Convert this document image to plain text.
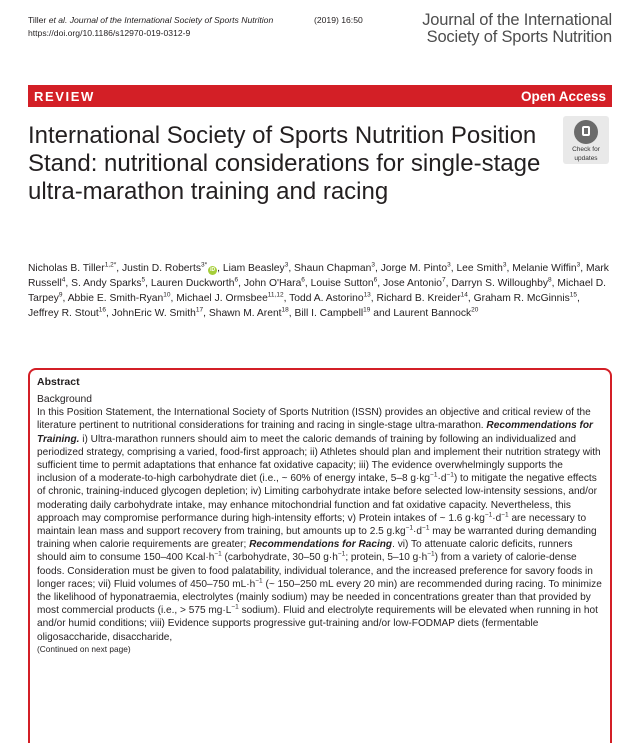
Tiller et al. Journal of the International Society of Sports Nutrition	(2019) 16:50
https://doi.org/10.1186/s12970-019-0312-9
Journal of the International
Society of Sports Nutrition
REVIEW	Open Access
International Society of Sports Nutrition Position Stand: nutritional considerations for single-stage ultra-marathon training and racing
Check for
updates
Nicholas B. Tiller$^{1,2*}$, Justin D. Roberts$^{3*}$iD , Liam Beasley$^3$, Shaun Chapman$^3$, Jorge M. Pinto$^3$, Lee Smith$^3$, Melanie Wiffin$^3$, Mark Russell$^4$, S. Andy Sparks$^5$, Lauren Duckworth$^6$, John O'Hara$^6$, Louise Sutton$^6$, Jose Antonio$^7$, Darryn S. Willoughby$^8$, Michael D. Tarpey$^9$, Abbie E. Smith-Ryan$^{10}$, Michael J. Ormsbee$^{11,12}$, Todd A. Astorino$^{13}$, Richard B. Kreider$^{14}$, Graham R. McGinnis$^{15}$, Jeffrey R. Stout$^{16}$, JohnEric W. Smith$^{17}$, Shawn M. Arent$^{18}$, Bill I. Campbell$^{19}$ and Laurent Bannock$^{20}$
Abstract
Background
In this Position Statement, the International Society of Sports Nutrition (ISSN) provides an objective and critical review of the literature pertinent to nutritional considerations for training and racing in single-stage ultra-marathon. Recommendations for Training. i) Ultra-marathon runners should aim to meet the caloric demands of training by following an individualized and periodized strategy, comprising a varied, food-first approach; ii) Athletes should plan and implement their nutrition strategy with sufficient time to permit adaptations that enhance fat oxidative capacity; iii) The evidence overwhelmingly supports the inclusion of a moderate-to-high carbohydrate diet (i.e., ~ 60% of energy intake, 5–8 $g\cdot kg^{-1}\cdot d^{-1}$) to mitigate the negative effects of chronic, training-induced glycogen depletion; iv) Limiting carbohydrate intake before selected low-intensity sessions, and/or moderating daily carbohydrate intake, may enhance mitochondrial function and fat oxidative capacity. Nevertheless, this approach may compromise performance during high-intensity efforts; v) Protein intakes of ~ 1.6 $g\cdot kg^{-1}\cdot d^{-1}$ are necessary to maintain lean mass and support recovery from training, but amounts up to 2.5 $g.kg^{-1}\cdot d^{-1}$ may be warranted during demanding training when calorie requirements are greater; Recommendations for Racing. vi) To attenuate caloric deficits, runners should aim to consume 150–400 $Kcal\cdot h^{-1}$ (carbohydrate, 30–50 $g\cdot h^{-1}$; protein, 5–10 $g\cdot h^{-1}$) from a variety of calorie-dense foods. Consideration must be given to food palatability, individual tolerance, and the increased preference for savory foods in longer races; vii) Fluid volumes of 450–750 $mL\cdot h^{-1}$ (~ 150–250 mL every 20 min) are recommended during racing. To minimize the likelihood of hyponatraemia, electrolytes (mainly sodium) may be needed in concentrations greater than that provided by most commercial products (i.e., > 575 $mg\cdot L^{-1}$ sodium). Fluid and electrolyte requirements will be elevated when running in hot and/or humid conditions; viii) Evidence supports progressive gut-training and/or low-FODMAP diets (fermentable oligosaccharide, disaccharide,
(Continued on next page)
